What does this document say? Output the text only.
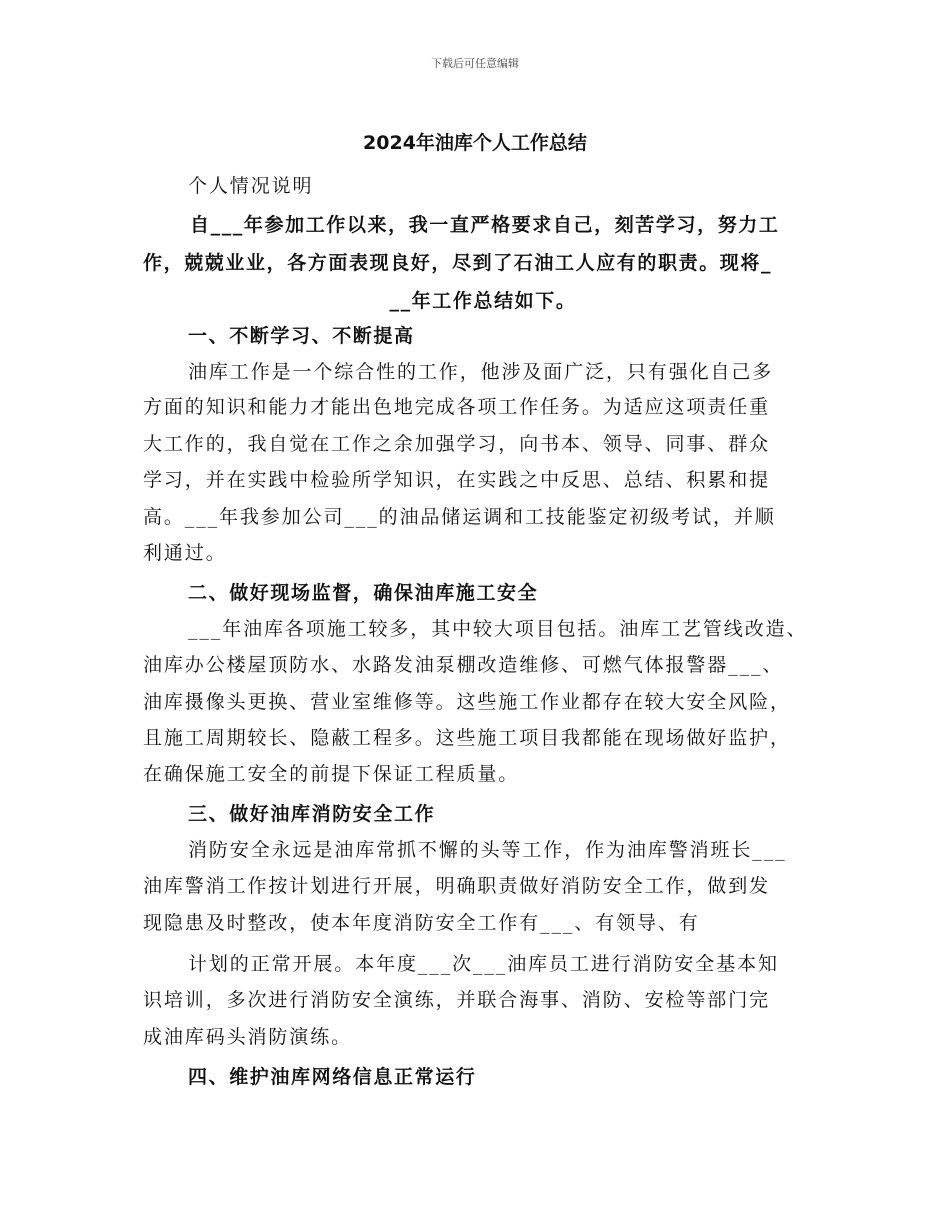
下载后可任意编辑
2024年油库个人工作总结
个人情况说明
自___年参加工作以来，我一直严格要求自己，刻苦学习，努力工
作，兢兢业业，各方面表现良好，尽到了石油工人应有的职责。现将_
__年工作总结如下。
一、不断学习、不断提高
油库工作是一个综合性的工作，他涉及面广泛，只有强化自己多
方面的知识和能力才能出色地完成各项工作任务。为适应这项责任重
大工作的，我自觉在工作之余加强学习，向书本、领导、同事、群众
学习，并在实践中检验所学知识，在实践之中反思、总结、积累和提
高。___年我参加公司___的油品储运调和工技能鉴定初级考试，并顺
利通过。
二、做好现场监督，确保油库施工安全
___年油库各项施工较多，其中较大项目包括。油库工艺管线改造、
油库办公楼屋顶防水、水路发油泵棚改造维修、可燃气体报警器___、
油库摄像头更换、营业室维修等。这些施工作业都存在较大安全风险，
且施工周期较长、隐蔽工程多。这些施工项目我都能在现场做好监护，
在确保施工安全的前提下保证工程质量。
三、做好油库消防安全工作
消防安全永远是油库常抓不懈的头等工作，作为油库警消班长___
油库警消工作按计划进行开展，明确职责做好消防安全工作，做到发
现隐患及时整改，使本年度消防安全工作有___、有领导、有
计划的正常开展。本年度___次___油库员工进行消防安全基本知
识培训，多次进行消防安全演练，并联合海事、消防、安检等部门完
成油库码头消防演练。
四、维护油库网络信息正常运行
